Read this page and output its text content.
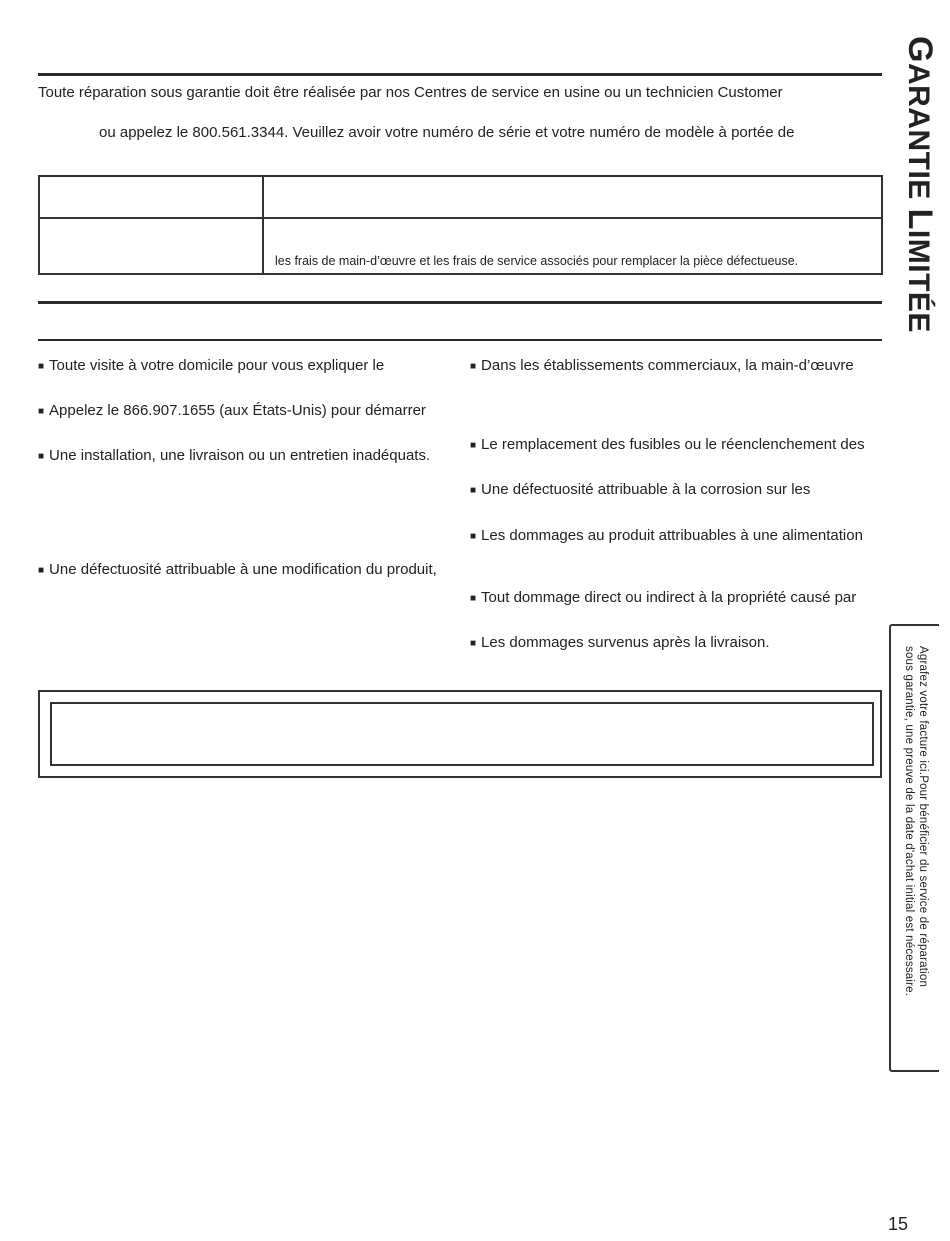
Toute réparation sous garantie doit être réalisée par nos Centres de service en usine ou un technicien Customer
ou appelez le 800.561.3344. Veuillez avoir votre numéro de série et votre numéro de modèle à portée de

	les frais de main-d’œuvre et les frais de service associés pour remplacer la pièce défectueuse.
■ Toute visite à votre domicile pour vous expliquer le
■ Appelez le 866.907.1655 (aux États-Unis) pour démarrer
■ Une installation, une livraison ou un entretien inadéquats.
■ Une défectuosité attribuable à une modification du produit,
■ Dans les établissements commerciaux, la main-d’œuvre
■ Le remplacement des fusibles ou le réenclenchement des
■ Une défectuosité attribuable à la corrosion sur les
■ Les dommages au produit attribuables à une alimentation
■ Tout dommage direct ou indirect à la propriété causé par
■ Les dommages survenus après la livraison.
GARANTIE LIMITÉE
Agrafez votre facture ici.Pour bénéficier du service de réparation
sous garantie, une preuve de la date d'achat initial est nécessaire.
15
